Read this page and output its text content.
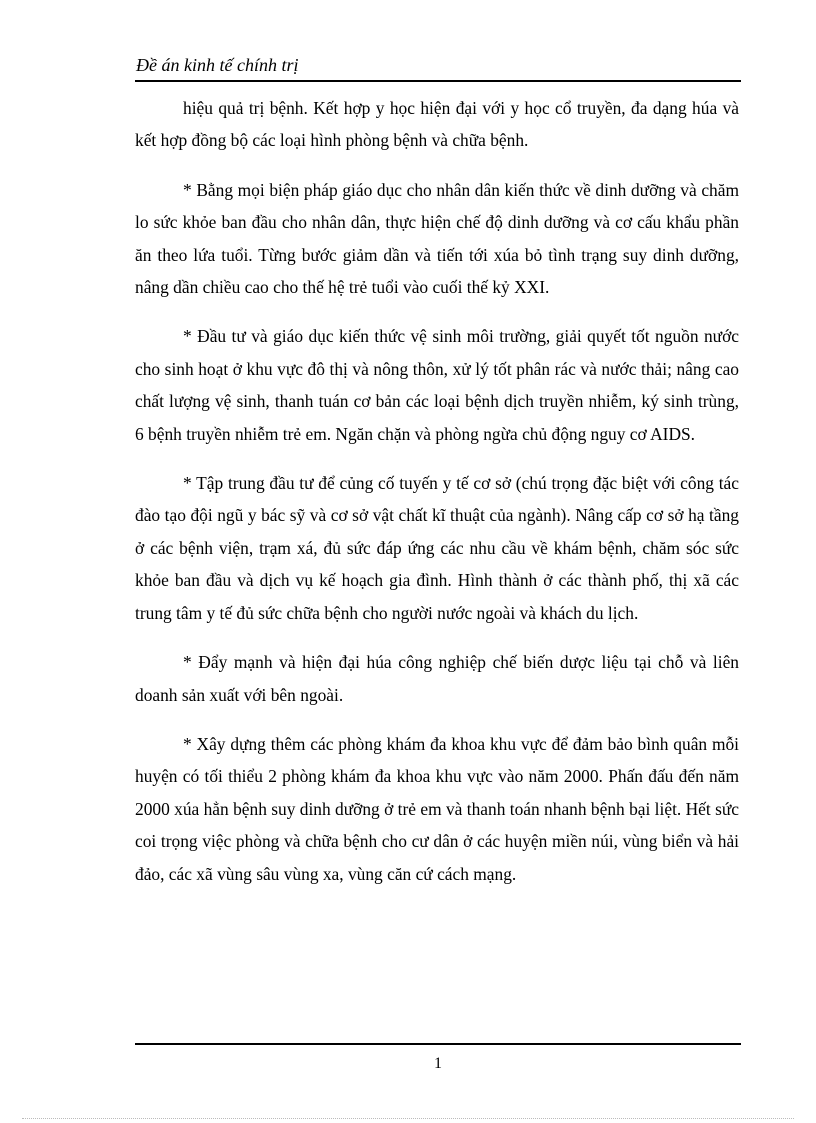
Đề án kinh tế chính trị

hiệu quả trị bệnh. Kết hợp y học hiện đại với y học cổ truyền, đa dạng húa và kết hợp đồng bộ các loại hình phòng bệnh và chữa bệnh.

* Bằng mọi biện pháp giáo dục cho nhân dân kiến thức về dinh dưỡng và chăm lo sức khỏe ban đầu cho nhân dân, thực hiện chế độ dinh dưỡng và cơ cấu khẩu phần ăn theo lứa tuổi. Từng bước giảm dần và tiến tới xúa bỏ tình trạng suy dinh dưỡng, nâng dần chiều cao cho thế hệ trẻ tuổi vào cuối thế kỷ XXI.

* Đầu tư và giáo dục kiến thức vệ sinh môi trường, giải quyết tốt nguồn nước cho sinh hoạt ở khu vực đô thị và nông thôn, xử lý tốt phân rác và nước thải; nâng cao chất lượng vệ sinh, thanh tuán cơ bản các loại bệnh dịch truyền nhiễm, ký sinh trùng, 6 bệnh truyền nhiễm trẻ em. Ngăn chặn và phòng ngừa chủ động nguy cơ AIDS.

* Tập trung đầu tư để củng cố tuyến y tế cơ sở (chú trọng đặc biệt với công tác đào tạo đội ngũ y bác sỹ và cơ sở vật chất kĩ thuật của ngành). Nâng cấp cơ sở hạ tầng ở các bệnh viện, trạm xá, đủ sức đáp ứng các nhu cầu về khám bệnh, chăm sóc sức khỏe ban đầu và dịch vụ kế hoạch gia đình. Hình thành ở các thành phố, thị xã các trung tâm y tế đủ sức chữa bệnh cho người nước ngoài và khách du lịch.

* Đẩy mạnh và hiện đại húa công nghiệp chế biến dược liệu tại chỗ và liên doanh sản xuất với bên ngoài.

* Xây dựng thêm các phòng khám đa khoa khu vực để đảm bảo bình quân mỗi huyện có tối thiểu 2 phòng khám đa khoa khu vực vào năm 2000. Phấn đấu đến năm 2000 xúa hẳn bệnh suy dinh dưỡng ở trẻ em và thanh toán nhanh bệnh bại liệt. Hết sức coi trọng việc phòng và chữa bệnh cho cư dân ở các huyện miền núi, vùng biển và hải đảo, các xã vùng sâu vùng xa, vùng căn cứ cách mạng.

1
